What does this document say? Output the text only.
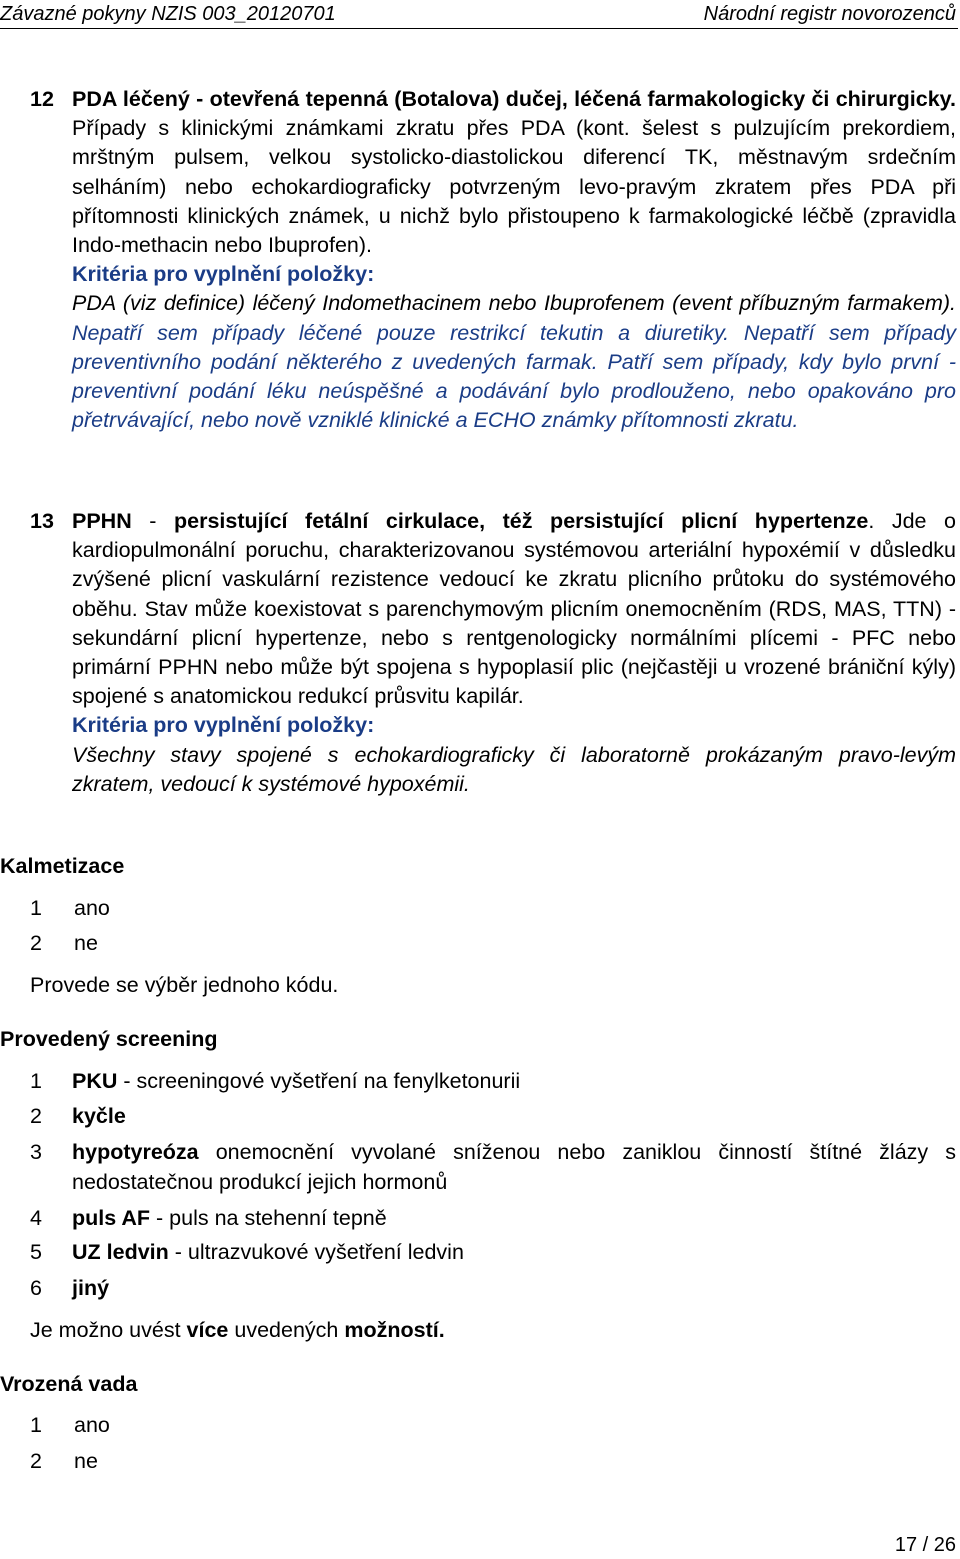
Závazné pokyny NZIS 003_20120701	Národní registr novorozenců
12 PDA léčený - otevřená tepenná (Botalova) dučej, léčená farmakologicky či chirurgicky. Případy s klinickými známkami zkratu přes PDA (kont. šelest s pulzujícím prekordiem, mrštným pulsem, velkou systolicko-diastolickou diferencí TK, městnavým srdečním selháním) nebo echokardiograficky potvrzeným levo-pravým zkratem přes PDA při přítomnosti klinických známek, u nichž bylo přistoupeno k farmakologické léčbě (zpravidla Indo-methacin nebo Ibuprofen).
Kritéria pro vyplnění položky:
PDA (viz definice) léčený Indomethacinem nebo Ibuprofenem (event příbuzným farmakem). Nepatří sem případy léčené pouze restrikcí tekutin a diuretiky. Nepatří sem případy preventivního podání některého z uvedených farmak. Patří sem případy, kdy bylo první - preventivní podání léku neúspěšné a podávání bylo prodlouženo, nebo opakováno pro přetrvávající, nebo nově vzniklé klinické a ECHO známky přítomnosti zkratu.
13 PPHN - persistující fetální cirkulace, též persistující plicní hypertenze. Jde o kardiopulmonální poruchu, charakterizovanou systémovou arteriální hypoxémií v důsledku zvýšené plicní vaskulární rezistence vedoucí ke zkratu plicního průtoku do systémového oběhu. Stav může koexistovat s parenchymovým plicním onemocněním (RDS, MAS, TTN) - sekundární plicní hypertenze, nebo s rentgenologicky normálními plícemi - PFC nebo primární PPHN nebo může být spojena s hypoplasií plic (nejčastěji u vrozené brániční kýly) spojené s anatomickou redukcí průsvitu kapilár.
Kritéria pro vyplnění položky:
Všechny stavy spojené s echokardiograficky či laboratorně prokázaným pravo-levým zkratem, vedoucí k systémové hypoxémii.
Kalmetizace
1 ano
2 ne
Provede se výběr jednoho kódu.
Provedený screening
1 PKU - screeningové vyšetření na fenylketonurii
2 kyčle
3 hypotyreóza onemocnění vyvolané sníženou nebo zaniklou činností štítné žlázy s nedostatečnou produkcí jejich hormonů
4 puls AF - puls na stehenní tepně
5 UZ ledvin - ultrazvukové vyšetření ledvin
6 jiný
Je možno uvést více uvedených možností.
Vrozená vada
1 ano
2 ne
17 / 26
